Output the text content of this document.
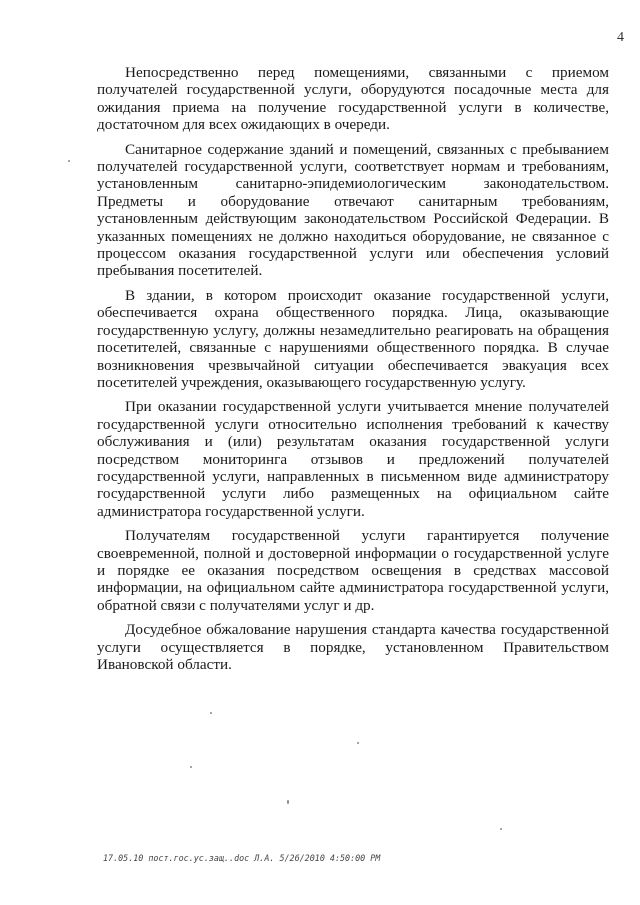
4

Непосредственно перед помещениями, связанными с приемом получателей государственной услуги, оборудуются посадочные места для ожидания приема на получение государственной услуги в количестве, достаточном для всех ожидающих в очереди.

Санитарное содержание зданий и помещений, связанных с пребыванием получателей государственной услуги, соответствует нормам и требованиям, установленным санитарно-эпидемиологическим законодательством. Предметы и оборудование отвечают санитарным требованиям, установленным действующим законодательством Российской Федерации. В указанных помещениях не должно находиться оборудование, не связанное с процессом оказания государственной услуги или обеспечения условий пребывания посетителей.

В здании, в котором происходит оказание государственной услуги, обеспечивается охрана общественного порядка. Лица, оказывающие государственную услугу, должны незамедлительно реагировать на обращения посетителей, связанные с нарушениями общественного порядка. В случае возникновения чрезвычайной ситуации обеспечивается эвакуация всех посетителей учреждения, оказывающего государственную услугу.

При оказании государственной услуги учитывается мнение получателей государственной услуги относительно исполнения требований к качеству обслуживания и (или) результатам оказания государственной услуги посредством мониторинга отзывов и предложений получателей государственной услуги, направленных в письменном виде администратору государственной услуги либо размещенных на официальном сайте администратора государственной услуги.

Получателям государственной услуги гарантируется получение своевременной, полной и достоверной информации о государственной услуге и порядке ее оказания посредством освещения в средствах массовой информации, на официальном сайте администратора государственной услуги, обратной связи с получателями услуг и др.

Досудебное обжалование нарушения стандарта качества государственной услуги осуществляется в порядке, установленном Правительством Ивановской области.

17.05.10 пост.гос.ус.защ..doc Л.А. 5/26/2010 4:50:00 PM
